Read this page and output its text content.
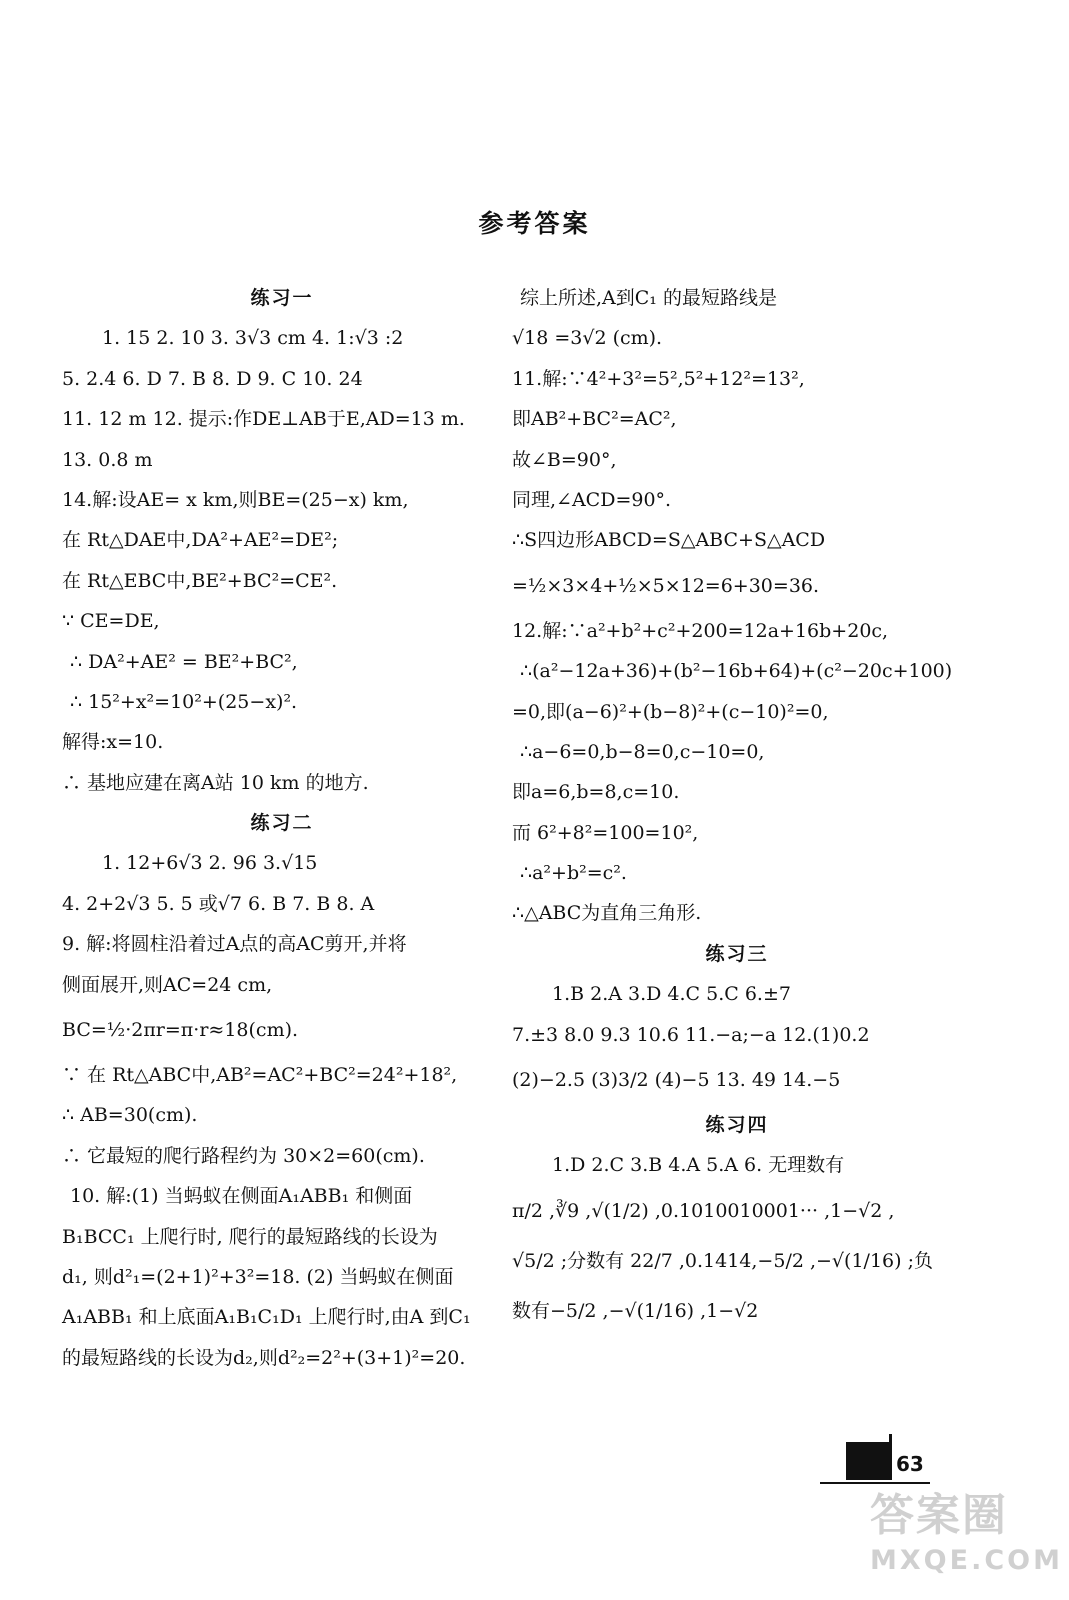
参考答案
练习一
1. 15 2. 10 3. 3√3 cm 4. 1:√3 :2
5. 2.4 6. D 7. B 8. D 9. C 10. 24
11. 12 m 12. 提示:作DE⊥AB于E,AD=13 m.
13. 0.8 m
14.解:设AE= x km,则BE=(25−x) km,
在 Rt△DAE中,DA²+AE²=DE²;
在 Rt△EBC中,BE²+BC²=CE².
∵ CE=DE,
∴ DA²+AE² = BE²+BC²,
∴ 15²+x²=10²+(25−x)².
解得:x=10.
∴ 基地应建在离A站 10 km 的地方.
练习二
1. 12+6√3 2. 96 3.√15
4. 2+2√3 5. 5 或√7 6. B 7. B 8. A
9. 解:将圆柱沿着过A点的高AC剪开,并将
侧面展开,则AC=24 cm,
BC=½·2πr=π·r≈18(cm).
∵ 在 Rt△ABC中,AB²=AC²+BC²=24²+18²,
∴ AB=30(cm).
∴ 它最短的爬行路程约为 30×2=60(cm).
10. 解:(1) 当蚂蚁在侧面A₁ABB₁ 和侧面
B₁BCC₁ 上爬行时, 爬行的最短路线的长设为
d₁, 则d²₁=(2+1)²+3²=18. (2) 当蚂蚁在侧面
A₁ABB₁ 和上底面A₁B₁C₁D₁ 上爬行时,由A 到C₁
的最短路线的长设为d₂,则d²₂=2²+(3+1)²=20.
综上所述,A到C₁ 的最短路线是
√18 =3√2 (cm).
11.解:∵4²+3²=5²,5²+12²=13²,
即AB²+BC²=AC²,
故∠B=90°,
同理,∠ACD=90°.
∴S四边形ABCD=S△ABC+S△ACD
=½×3×4+½×5×12=6+30=36.
12.解:∵a²+b²+c²+200=12a+16b+20c,
∴(a²−12a+36)+(b²−16b+64)+(c²−20c+100)
=0,即(a−6)²+(b−8)²+(c−10)²=0,
∴a−6=0,b−8=0,c−10=0,
即a=6,b=8,c=10.
而 6²+8²=100=10²,
∴a²+b²=c².
∴△ABC为直角三角形.
练习三
1.B 2.A 3.D 4.C 5.C 6.±7
7.±3 8.0 9.3 10.6 11.−a;−a 12.(1)0.2
(2)−2.5 (3)3/2 (4)−5 13. 49 14.−5
练习四
1.D 2.C 3.B 4.A 5.A 6. 无理数有
π/2 ,∛9 ,√(1/2) ,0.1010010001··· ,1−√2 ,
√5/2 ;分数有 22/7 ,0.1414,−5/2 ,−√(1/16) ;负
数有−5/2 ,−√(1/16) ,1−√2
63
答案圈
MXQE.COM
